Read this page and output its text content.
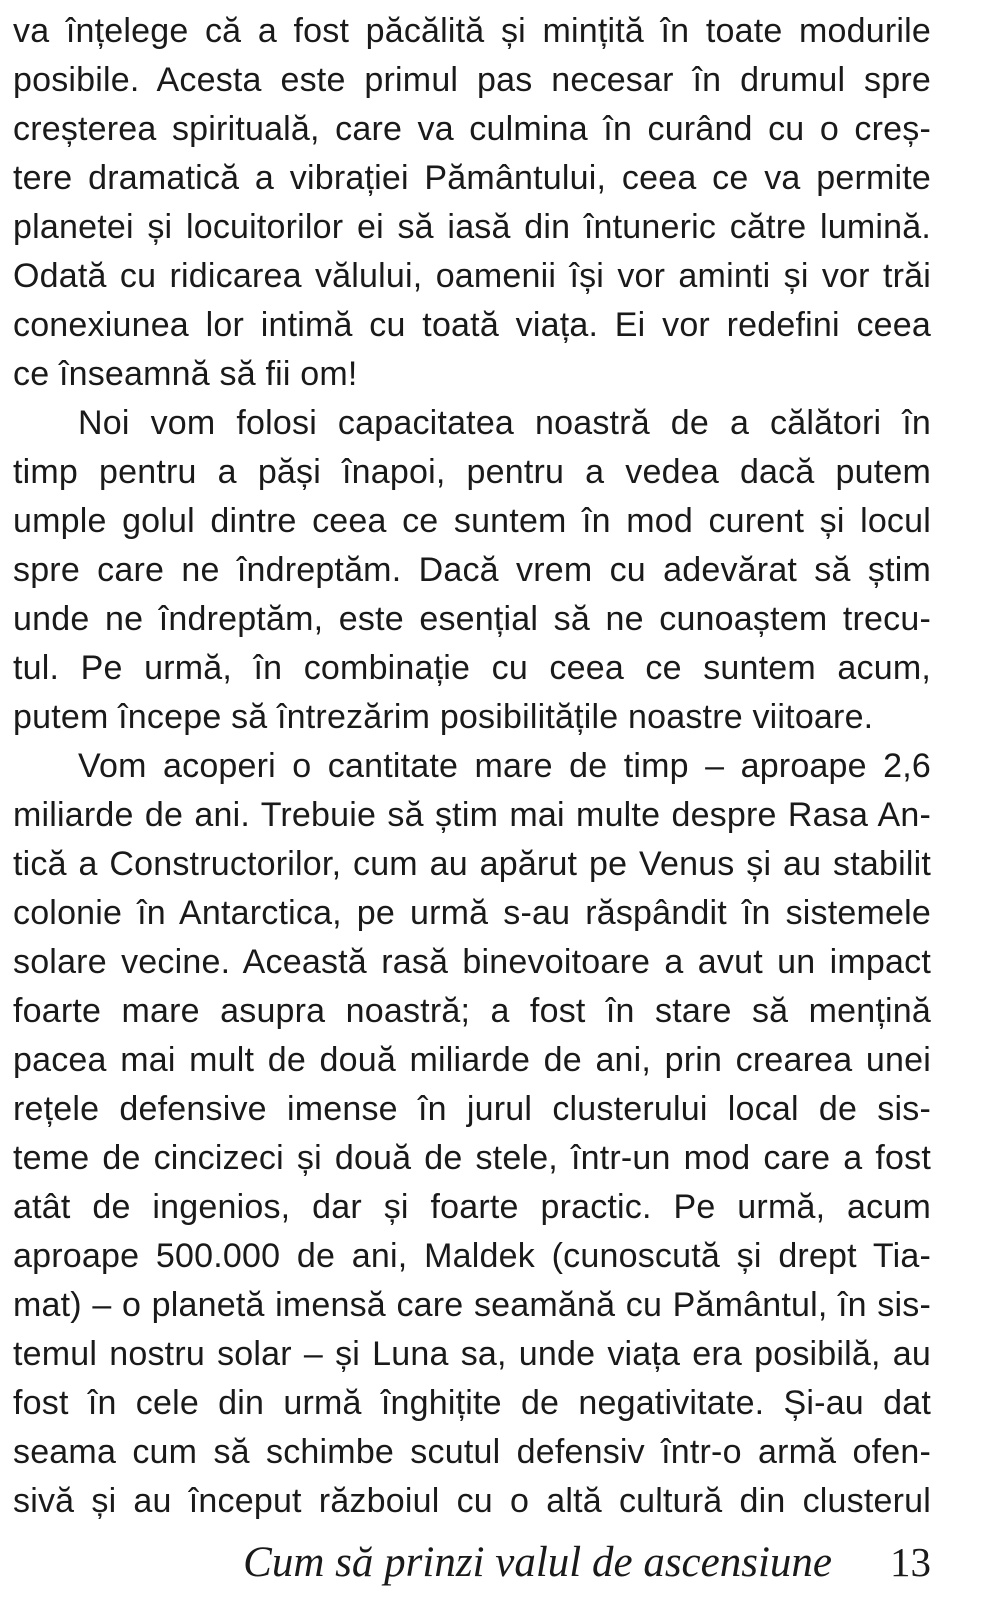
va înțelege că a fost păcălită și mințită în toate modurile

posibile. Acesta este primul pas necesar în drumul spre

creșterea spirituală, care va culmina în curând cu o creș-

tere dramatică a vibrației Pământului, ceea ce va permite

planetei și locuitorilor ei să iasă din întuneric către lumină.

Odată cu ridicarea vălului, oamenii își vor aminti și vor trăi

conexiunea lor intimă cu toată viața. Ei vor redefini ceea

ce înseamnă să fii om!

Noi vom folosi capacitatea noastră de a călători în

timp pentru a păși înapoi, pentru a vedea dacă putem

umple golul dintre ceea ce suntem în mod curent și locul

spre care ne îndreptăm. Dacă vrem cu adevărat să știm

unde ne îndreptăm, este esențial să ne cunoaștem trecu-

tul. Pe urmă, în combinație cu ceea ce suntem acum,

putem începe să întrezărim posibilitățile noastre viitoare.

Vom acoperi o cantitate mare de timp – aproape 2,6

miliarde de ani. Trebuie să știm mai multe despre Rasa An-

tică a Constructorilor, cum au apărut pe Venus și au stabilit

colonie în Antarctica, pe urmă s-au răspândit în sistemele

solare vecine. Această rasă binevoitoare a avut un impact

foarte mare asupra noastră; a fost în stare să mențină

pacea mai mult de două miliarde de ani, prin crearea unei

rețele defensive imense în jurul clusterului local de sis-

teme de cincizeci și două de stele, într-un mod care a fost

atât de ingenios, dar și foarte practic. Pe urmă, acum

aproape 500.000 de ani, Maldek (cunoscută și drept Tia-

mat) – o planetă imensă care seamănă cu Pământul, în sis-

temul nostru solar – și Luna sa, unde viața era posibilă, au

fost în cele din urmă înghițite de negativitate. Și-au dat

seama cum să schimbe scutul defensiv într-o armă ofen-

sivă și au început războiul cu o altă cultură din clusterul

Cum să prinzi valul de ascensiune 13
